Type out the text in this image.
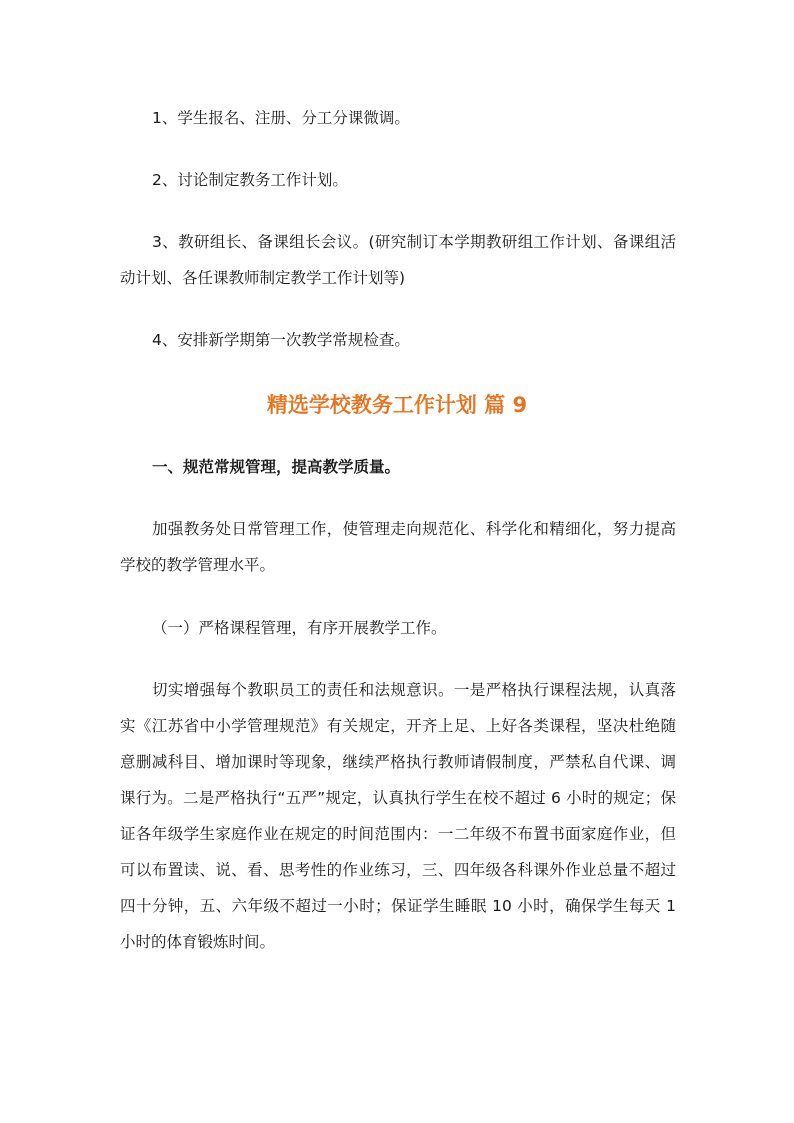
1、学生报名、注册、分工分课微调。

2、讨论制定教务工作计划。

3、教研组长、备课组长会议。(研究制订本学期教研组工作计划、备课组活动计划、各任课教师制定教学工作计划等)

4、安排新学期第一次教学常规检查。

精选学校教务工作计划 篇 9

一、规范常规管理，提高教学质量。

加强教务处日常管理工作，使管理走向规范化、科学化和精细化，努力提高学校的教学管理水平。

（一）严格课程管理，有序开展教学工作。

切实增强每个教职员工的责任和法规意识。一是严格执行课程法规，认真落实《江苏省中小学管理规范》有关规定，开齐上足、上好各类课程，坚决杜绝随意删减科目、增加课时等现象，继续严格执行教师请假制度，严禁私自代课、调课行为。二是严格执行“五严”规定，认真执行学生在校不超过 6 小时的规定；保证各年级学生家庭作业在规定的时间范围内：一二年级不布置书面家庭作业，但可以布置读、说、看、思考性的作业练习，三、四年级各科课外作业总量不超过四十分钟，五、六年级不超过一小时；保证学生睡眠 10 小时，确保学生每天 1 小时的体育锻炼时间。
